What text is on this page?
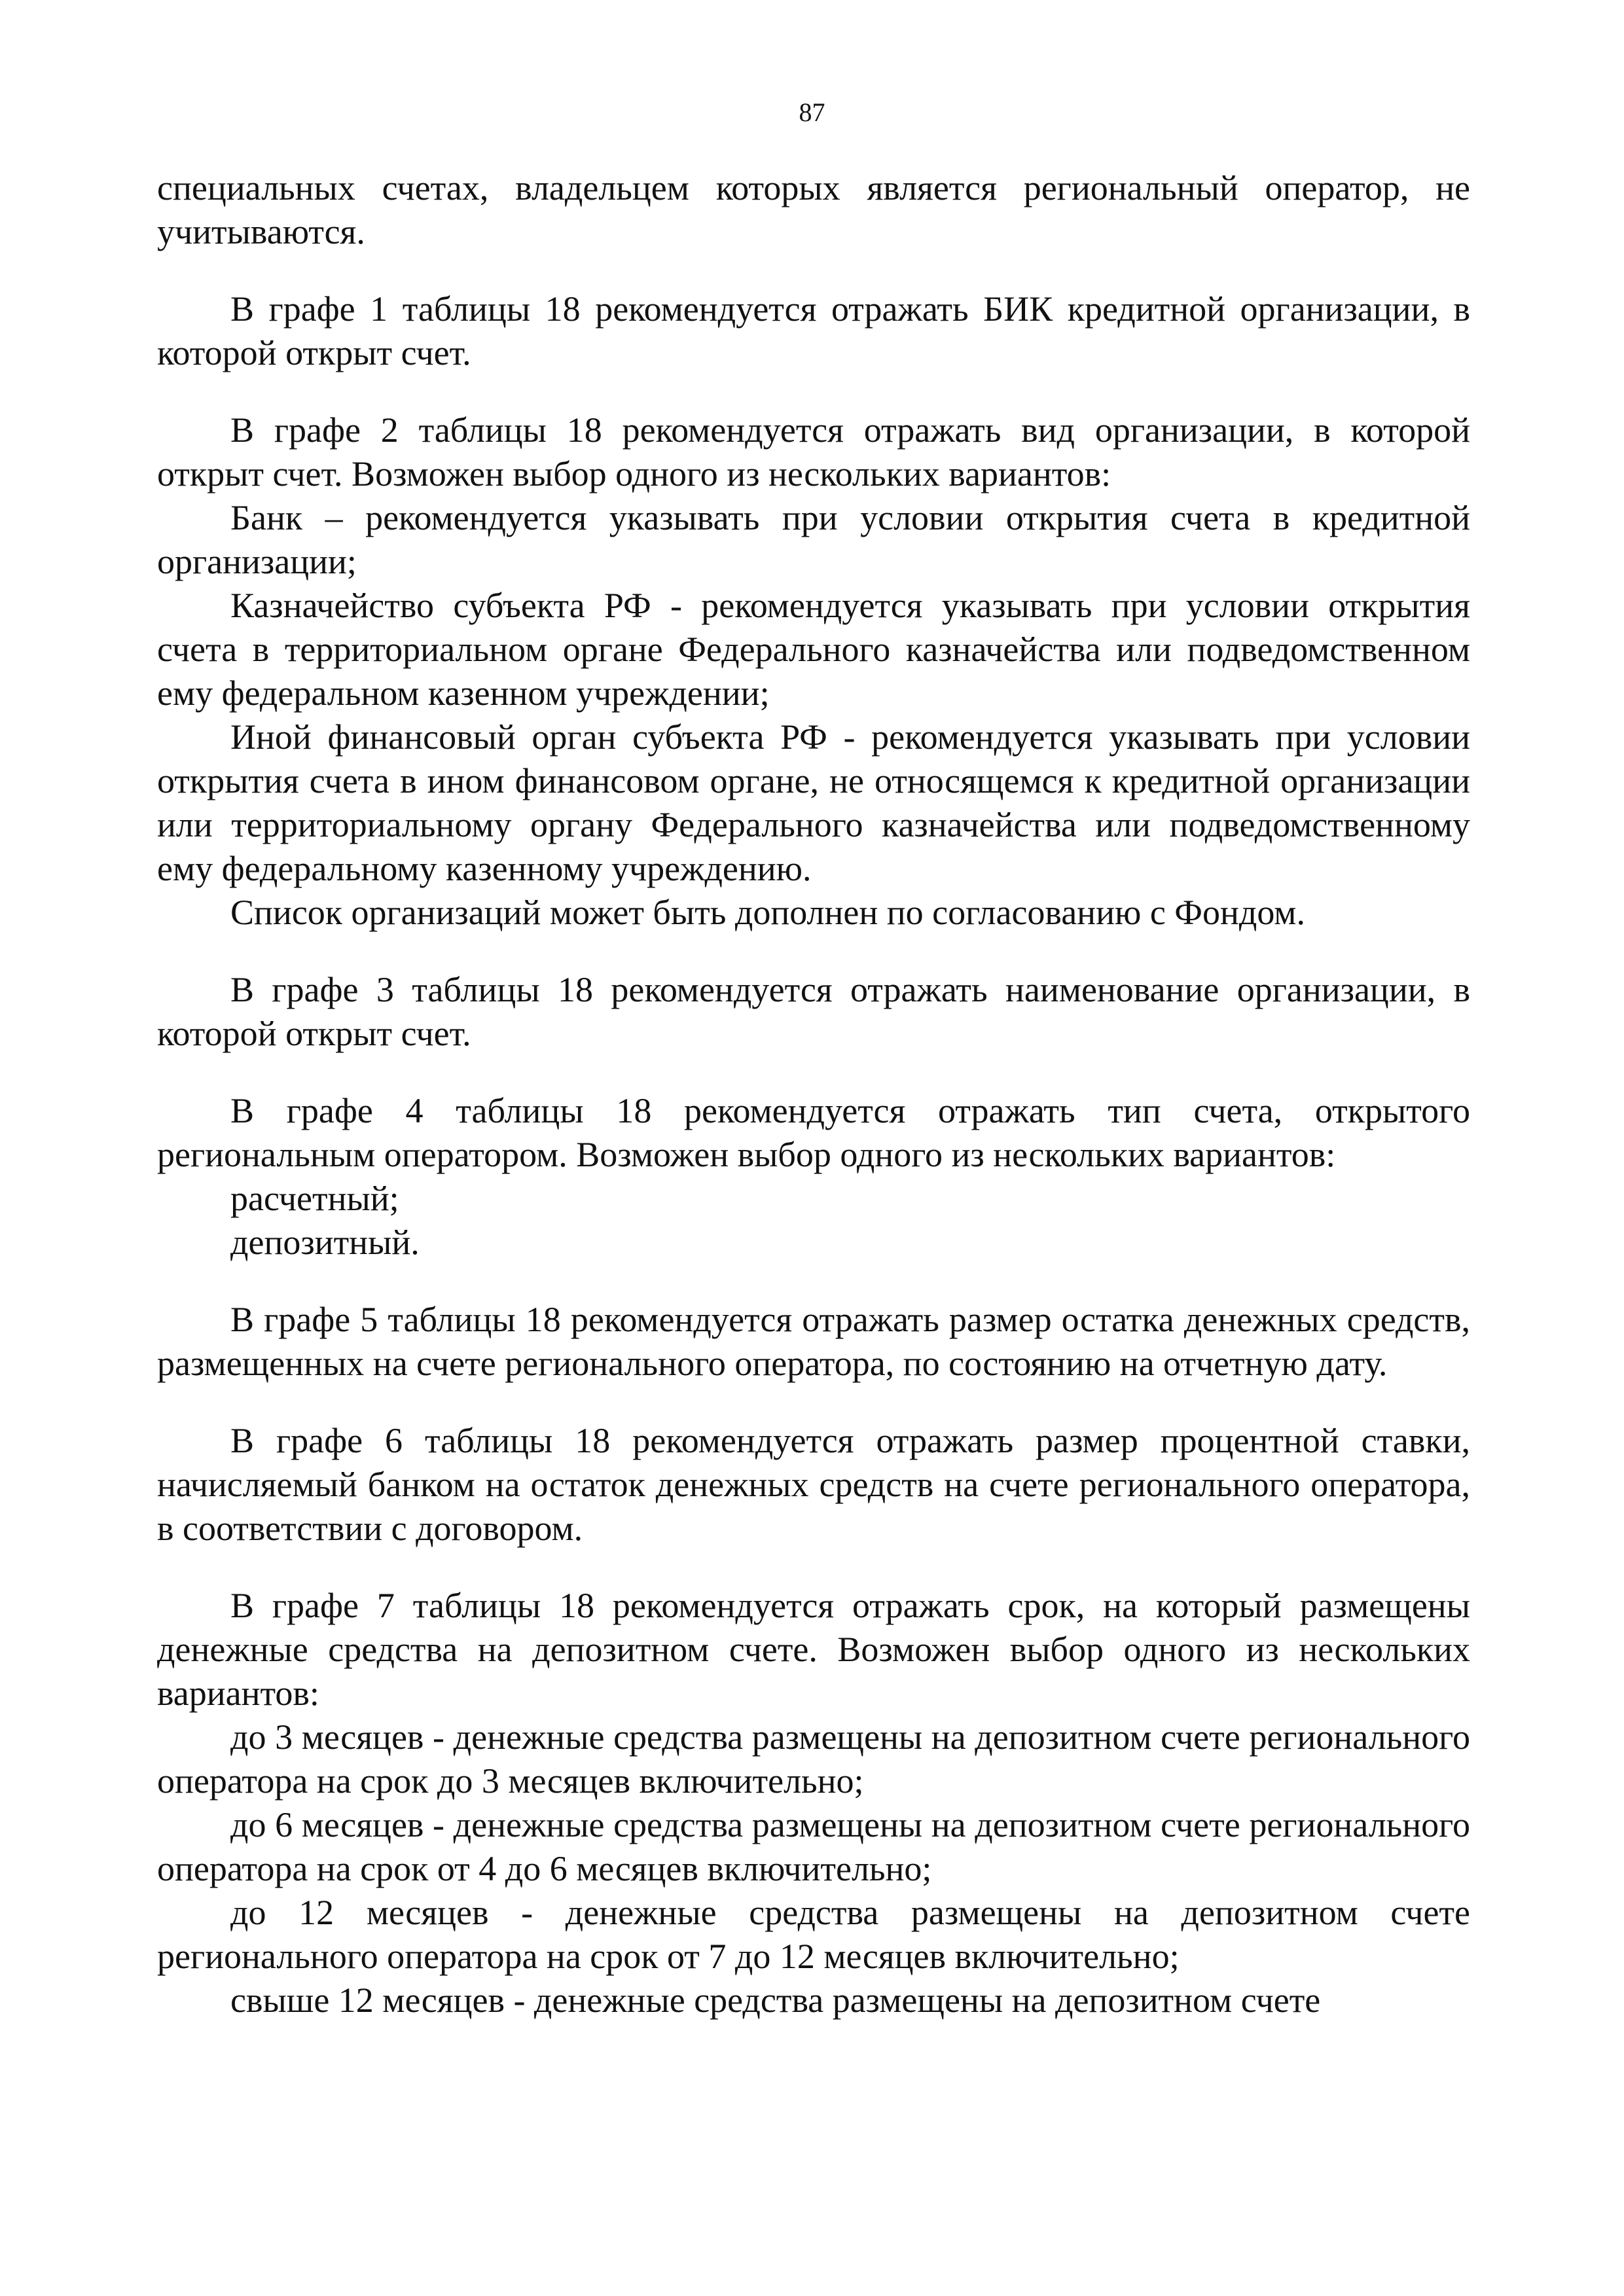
87

специальных счетах, владельцем которых является региональный оператор, не учитываются.

В графе 1 таблицы 18 рекомендуется отражать БИК кредитной организации, в которой открыт счет.

В графе 2 таблицы 18 рекомендуется отражать вид организации, в которой открыт счет. Возможен выбор одного из нескольких вариантов:

Банк – рекомендуется указывать при условии открытия счета в кредитной организации;

Казначейство субъекта РФ - рекомендуется указывать при условии открытия счета в территориальном органе Федерального казначейства или подведомственном ему федеральном казенном учреждении;

Иной финансовый орган субъекта РФ - рекомендуется указывать при условии открытия счета в ином финансовом органе, не относящемся к кредитной организации или территориальному органу Федерального казначейства или подведомственному ему федеральному казенному учреждению.

Список организаций может быть дополнен по согласованию с Фондом.

В графе 3 таблицы 18 рекомендуется отражать наименование организации, в которой открыт счет.

В графе 4 таблицы 18 рекомендуется отражать тип счета, открытого региональным оператором. Возможен выбор одного из нескольких вариантов:

расчетный;

депозитный.

В графе 5 таблицы 18 рекомендуется отражать размер остатка денежных средств, размещенных на счете регионального оператора, по состоянию на отчетную дату.

В графе 6 таблицы 18 рекомендуется отражать размер процентной ставки, начисляемый банком на остаток денежных средств на счете регионального оператора, в соответствии с договором.

В графе 7 таблицы 18 рекомендуется отражать срок, на который размещены денежные средства на депозитном счете. Возможен выбор одного из нескольких вариантов:

до 3 месяцев - денежные средства размещены на депозитном счете регионального оператора на срок до 3 месяцев включительно;

до 6 месяцев - денежные средства размещены на депозитном счете регионального оператора на срок от 4 до 6 месяцев включительно;

до 12 месяцев - денежные средства размещены на депозитном счете регионального оператора на срок от 7 до 12 месяцев включительно;

свыше 12 месяцев - денежные средства размещены на депозитном счете
